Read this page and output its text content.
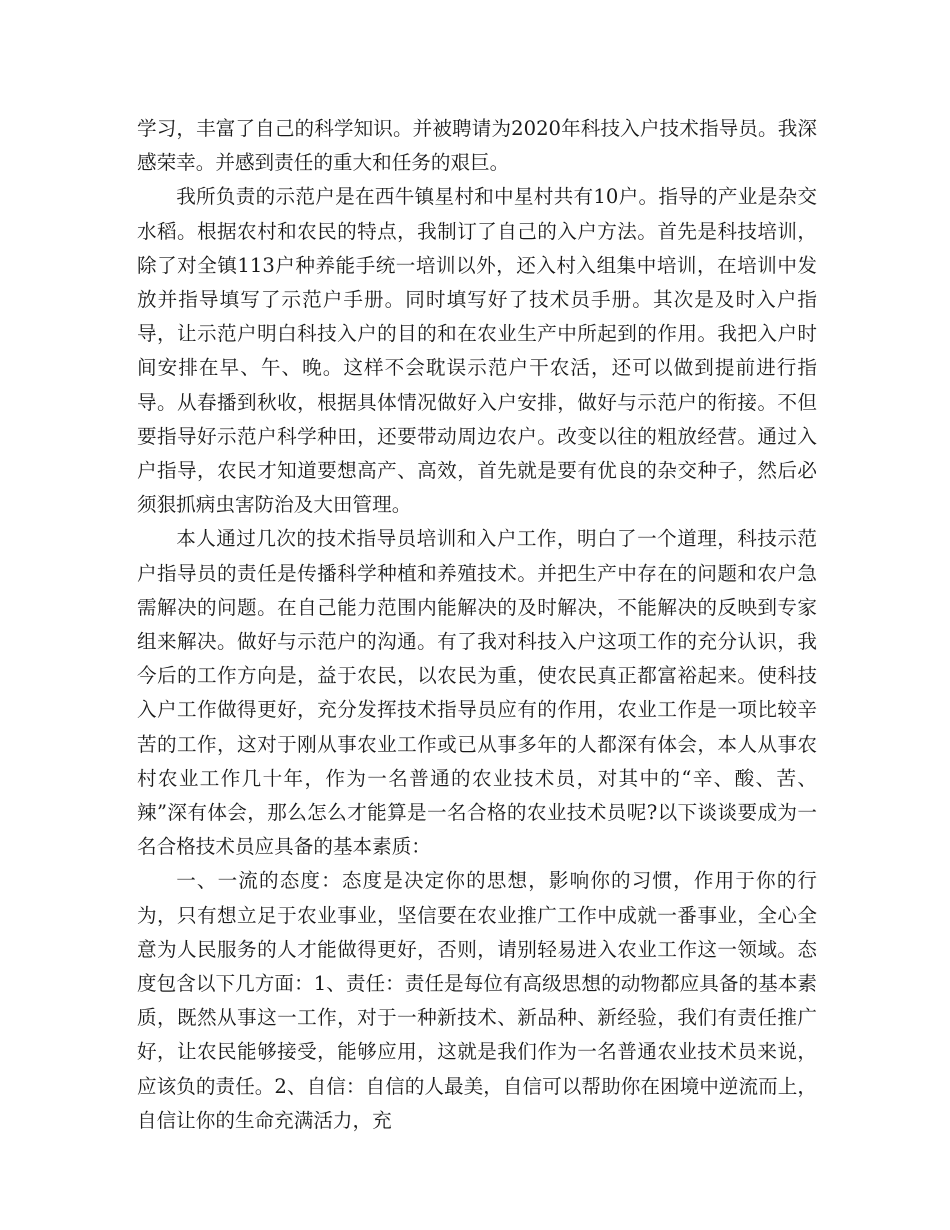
学习，丰富了自己的科学知识。并被聘请为2020年科技入户技术指导员。我深感荣幸。并感到责任的重大和任务的艰巨。

我所负责的示范户是在西牛镇星村和中星村共有10户。指导的产业是杂交水稻。根据农村和农民的特点，我制订了自己的入户方法。首先是科技培训，除了对全镇113户种养能手统一培训以外，还入村入组集中培训，在培训中发放并指导填写了示范户手册。同时填写好了技术员手册。其次是及时入户指导，让示范户明白科技入户的目的和在农业生产中所起到的作用。我把入户时间安排在早、午、晚。这样不会耽误示范户干农活，还可以做到提前进行指导。从春播到秋收，根据具体情况做好入户安排，做好与示范户的衔接。不但要指导好示范户科学种田，还要带动周边农户。改变以往的粗放经营。通过入户指导，农民才知道要想高产、高效，首先就是要有优良的杂交种子，然后必须狠抓病虫害防治及大田管理。

本人通过几次的技术指导员培训和入户工作，明白了一个道理，科技示范户指导员的责任是传播科学种植和养殖技术。并把生产中存在的问题和农户急需解决的问题。在自己能力范围内能解决的及时解决，不能解决的反映到专家组来解决。做好与示范户的沟通。有了我对科技入户这项工作的充分认识，我今后的工作方向是，益于农民，以农民为重，使农民真正都富裕起来。使科技入户工作做得更好，充分发挥技术指导员应有的作用，农业工作是一项比较辛苦的工作，这对于刚从事农业工作或已从事多年的人都深有体会，本人从事农村农业工作几十年，作为一名普通的农业技术员，对其中的“辛、酸、苦、辣”深有体会，那么怎么才能算是一名合格的农业技术员呢?以下谈谈要成为一名合格技术员应具备的基本素质：

一、一流的态度：态度是决定你的思想，影响你的习惯，作用于你的行为，只有想立足于农业事业，坚信要在农业推广工作中成就一番事业，全心全意为人民服务的人才能做得更好，否则，请别轻易进入农业工作这一领域。态度包含以下几方面：1、责任：责任是每位有高级思想的动物都应具备的基本素质，既然从事这一工作，对于一种新技术、新品种、新经验，我们有责任推广好，让农民能够接受，能够应用，这就是我们作为一名普通农业技术员来说，应该负的责任。2、自信：自信的人最美，自信可以帮助你在困境中逆流而上，自信让你的生命充满活力，充
